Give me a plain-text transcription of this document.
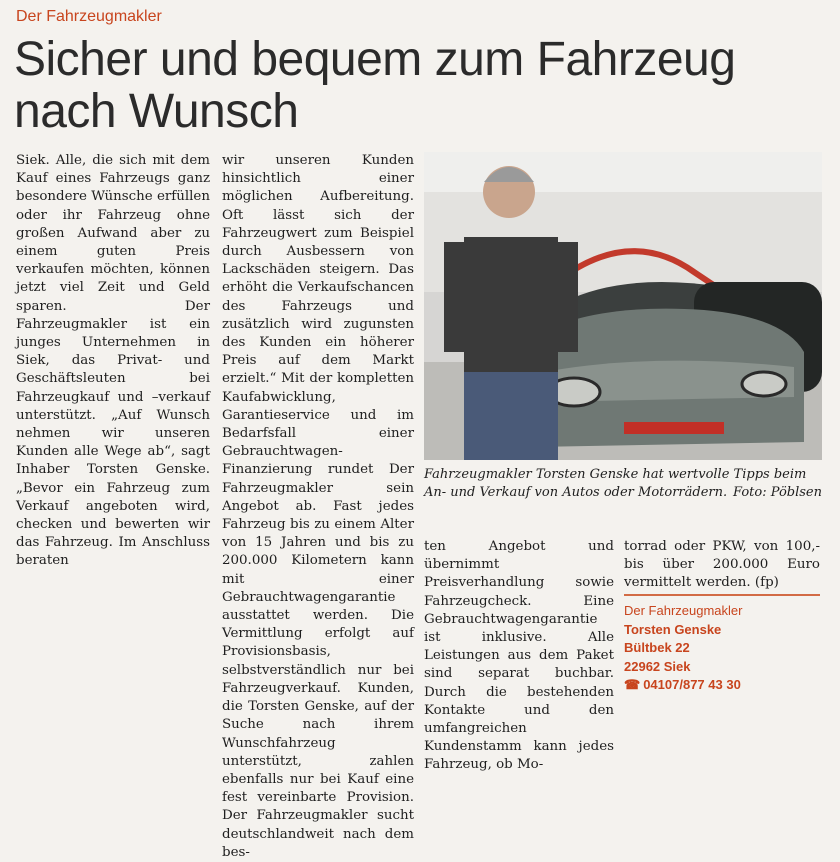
Der Fahrzeugmakler
Sicher und bequem zum Fahrzeug nach Wunsch
Siek. Alle, die sich mit dem Kauf eines Fahrzeugs ganz besondere Wünsche erfüllen oder ihr Fahrzeug ohne großen Aufwand aber zu einem guten Preis verkaufen möchten, können jetzt viel Zeit und Geld sparen. Der Fahrzeugmakler ist ein junges Unternehmen in Siek, das Privat- und Geschäftsleuten bei Fahrzeugkauf und –verkauf unterstützt. „Auf Wunsch nehmen wir unseren Kunden alle Wege ab“, sagt Inhaber Torsten Genske. „Bevor ein Fahrzeug zum Verkauf angeboten wird, checken und bewerten wir das Fahrzeug. Im Anschluss beraten
wir unseren Kunden hinsichtlich einer möglichen Aufbereitung. Oft lässt sich der Fahrzeugwert zum Beispiel durch Ausbessern von Lackschäden steigern. Das erhöht die Verkaufschancen des Fahrzeugs und zusätzlich wird zugunsten des Kunden ein höherer Preis auf dem Markt erzielt.“ Mit der kompletten Kaufabwicklung, Garantieservice und im Bedarfsfall einer Gebrauchtwagen-Finanzierung rundet Der Fahrzeugmakler sein Angebot ab. Fast jedes Fahrzeug bis zu einem Alter von 15 Jahren und bis zu 200.000 Kilometern kann mit einer Gebrauchtwagengarantie ausstattet werden. Die Vermittlung erfolgt auf Provisionsbasis, selbstverständlich nur bei Fahrzeugverkauf. Kunden, die Torsten Genske, auf der Suche nach ihrem Wunschfahrzeug unterstützt, zahlen ebenfalls nur bei Kauf eine fest vereinbarte Provision. Der Fahrzeugmakler sucht deutschlandweit nach dem bes-
Fahrzeugmakler Torsten Genske hat wertvolle Tipps beim An- und Verkauf von Autos oder Motorrädern. Foto: Pöblsen
ten Angebot und übernimmt Preisverhandlung sowie Fahrzeugcheck. Eine Gebrauchtwagengarantie ist inklusive. Alle Leistungen aus dem Paket sind separat buchbar. Durch die bestehenden Kontakte und den umfangreichen Kundenstamm kann jedes Fahrzeug, ob Mo-
torrad oder PKW, von 100,- bis über 200.000 Euro vermittelt werden. (fp)
Der Fahrzeugmakler
Torsten Genske
Bültbek 22
22962 Siek
☎ 04107/877 43 30
